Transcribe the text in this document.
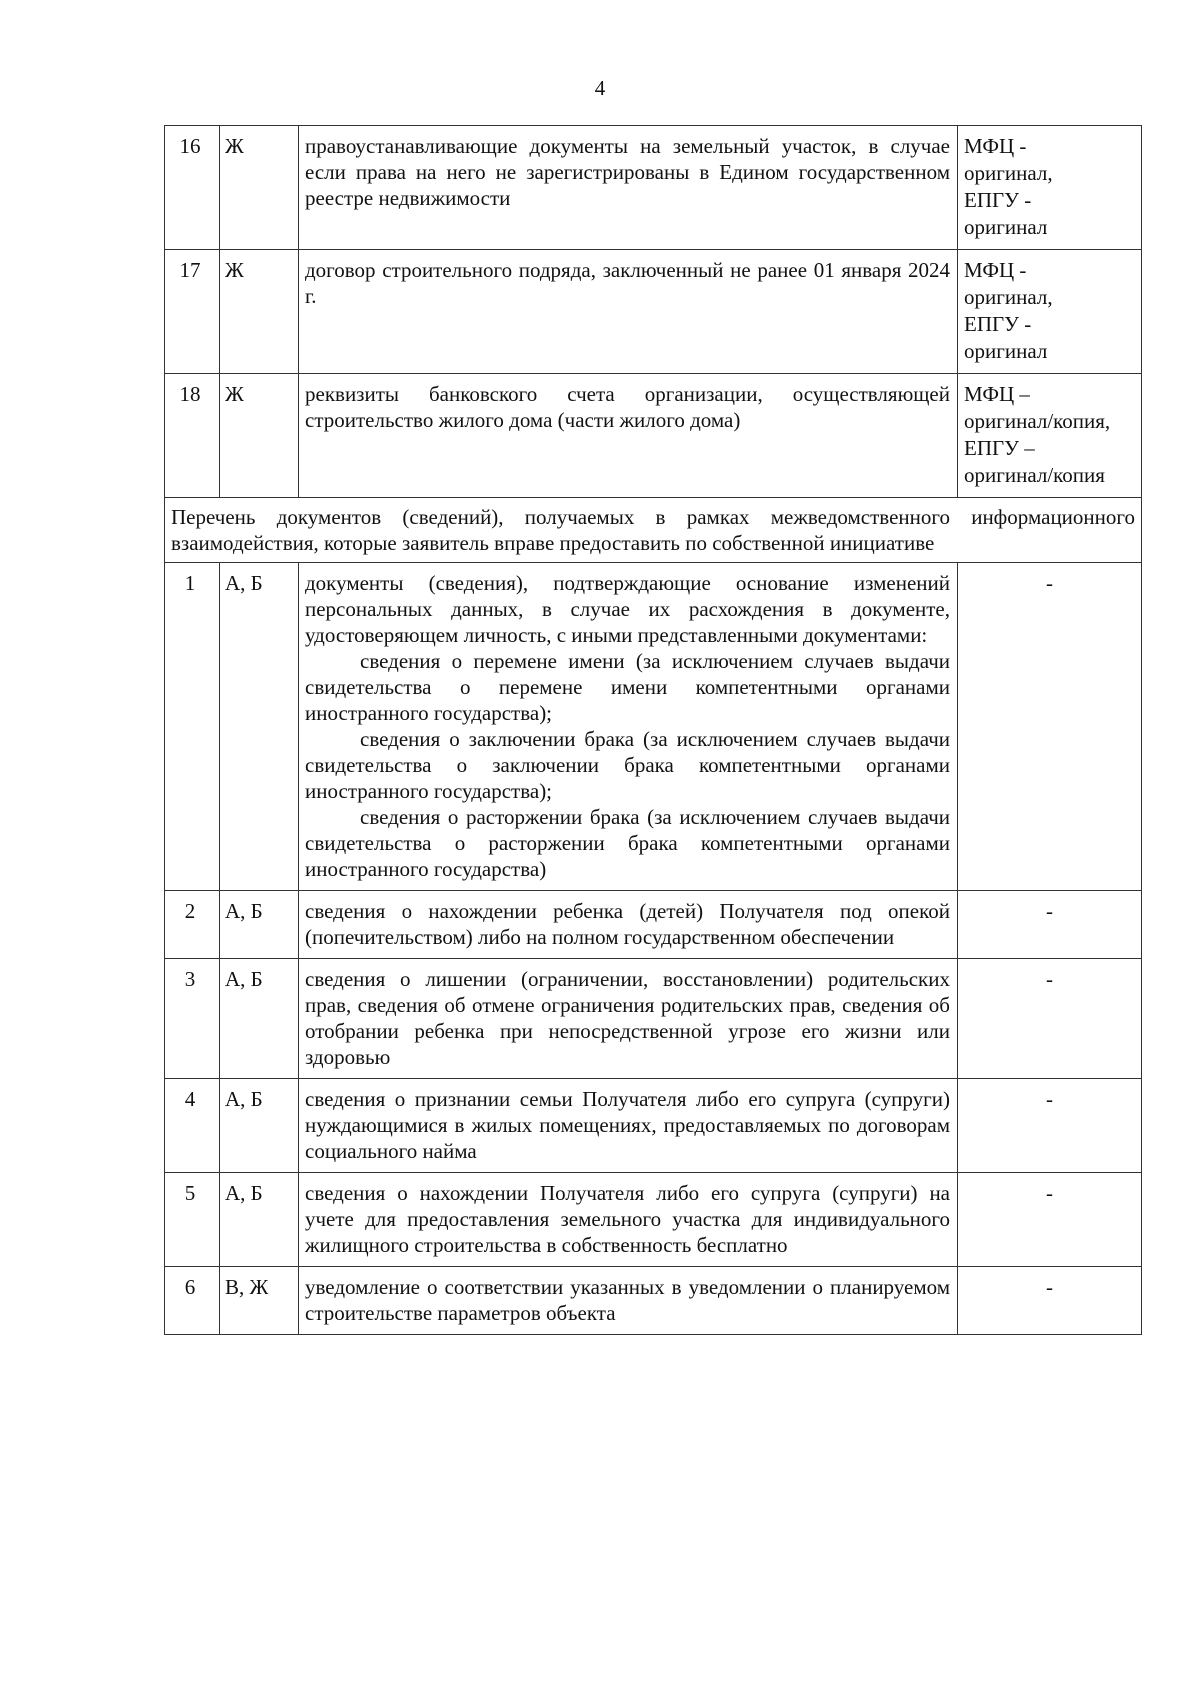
4
16	Ж	правоустанавливающие документы на земельный участок, в случае если права на него не зарегистрированы в Едином государственном реестре недвижимости	МФЦ -
оригинал,
ЕПГУ -
оригинал

17	Ж	договор строительного подряда, заключенный не ранее 01 января 2024 г.	МФЦ -
оригинал,
ЕПГУ -
оригинал

18	Ж	реквизиты банковского счета организации, осуществляющей строительство жилого дома (части жилого дома)	МФЦ –
оригинал/копия,
ЕПГУ –
оригинал/копия

Перечень документов (сведений), получаемых в рамках межведомственного информационного взаимодействия, которые заявитель вправе предоставить по собственной инициативе			
1	А, Б	документы (сведения), подтверждающие основание изменений персональных данных, в случае их расхождения в документе, удостоверяющем личность, с иными представленными документами:
сведения о перемене имени (за исключением случаев выдачи свидетельства о перемене имени компетентными органами иностранного государства);
сведения о заключении брака (за исключением случаев выдачи свидетельства о заключении брака компетентными органами иностранного государства);
сведения о расторжении брака (за исключением случаев выдачи свидетельства о расторжении брака компетентными органами иностранного государства)	-
2	А, Б	сведения о нахождении ребенка (детей) Получателя под опекой (попечительством) либо на полном государственном обеспечении	-
3	А, Б	сведения о лишении (ограничении, восстановлении) родительских прав, сведения об отмене ограничения родительских прав, сведения об отобрании ребенка при непосредственной угрозе его жизни или здоровью	-
4	А, Б	сведения о признании семьи Получателя либо его супруга (супруги) нуждающимися в жилых помещениях, предоставляемых по договорам социального найма	-
5	А, Б	сведения о нахождении Получателя либо его супруга (супруги) на учете для предоставления земельного участка для индивидуального жилищного строительства в собственность бесплатно	-
6	В, Ж	уведомление о соответствии указанных в уведомлении о планируемом строительстве параметров объекта	-
